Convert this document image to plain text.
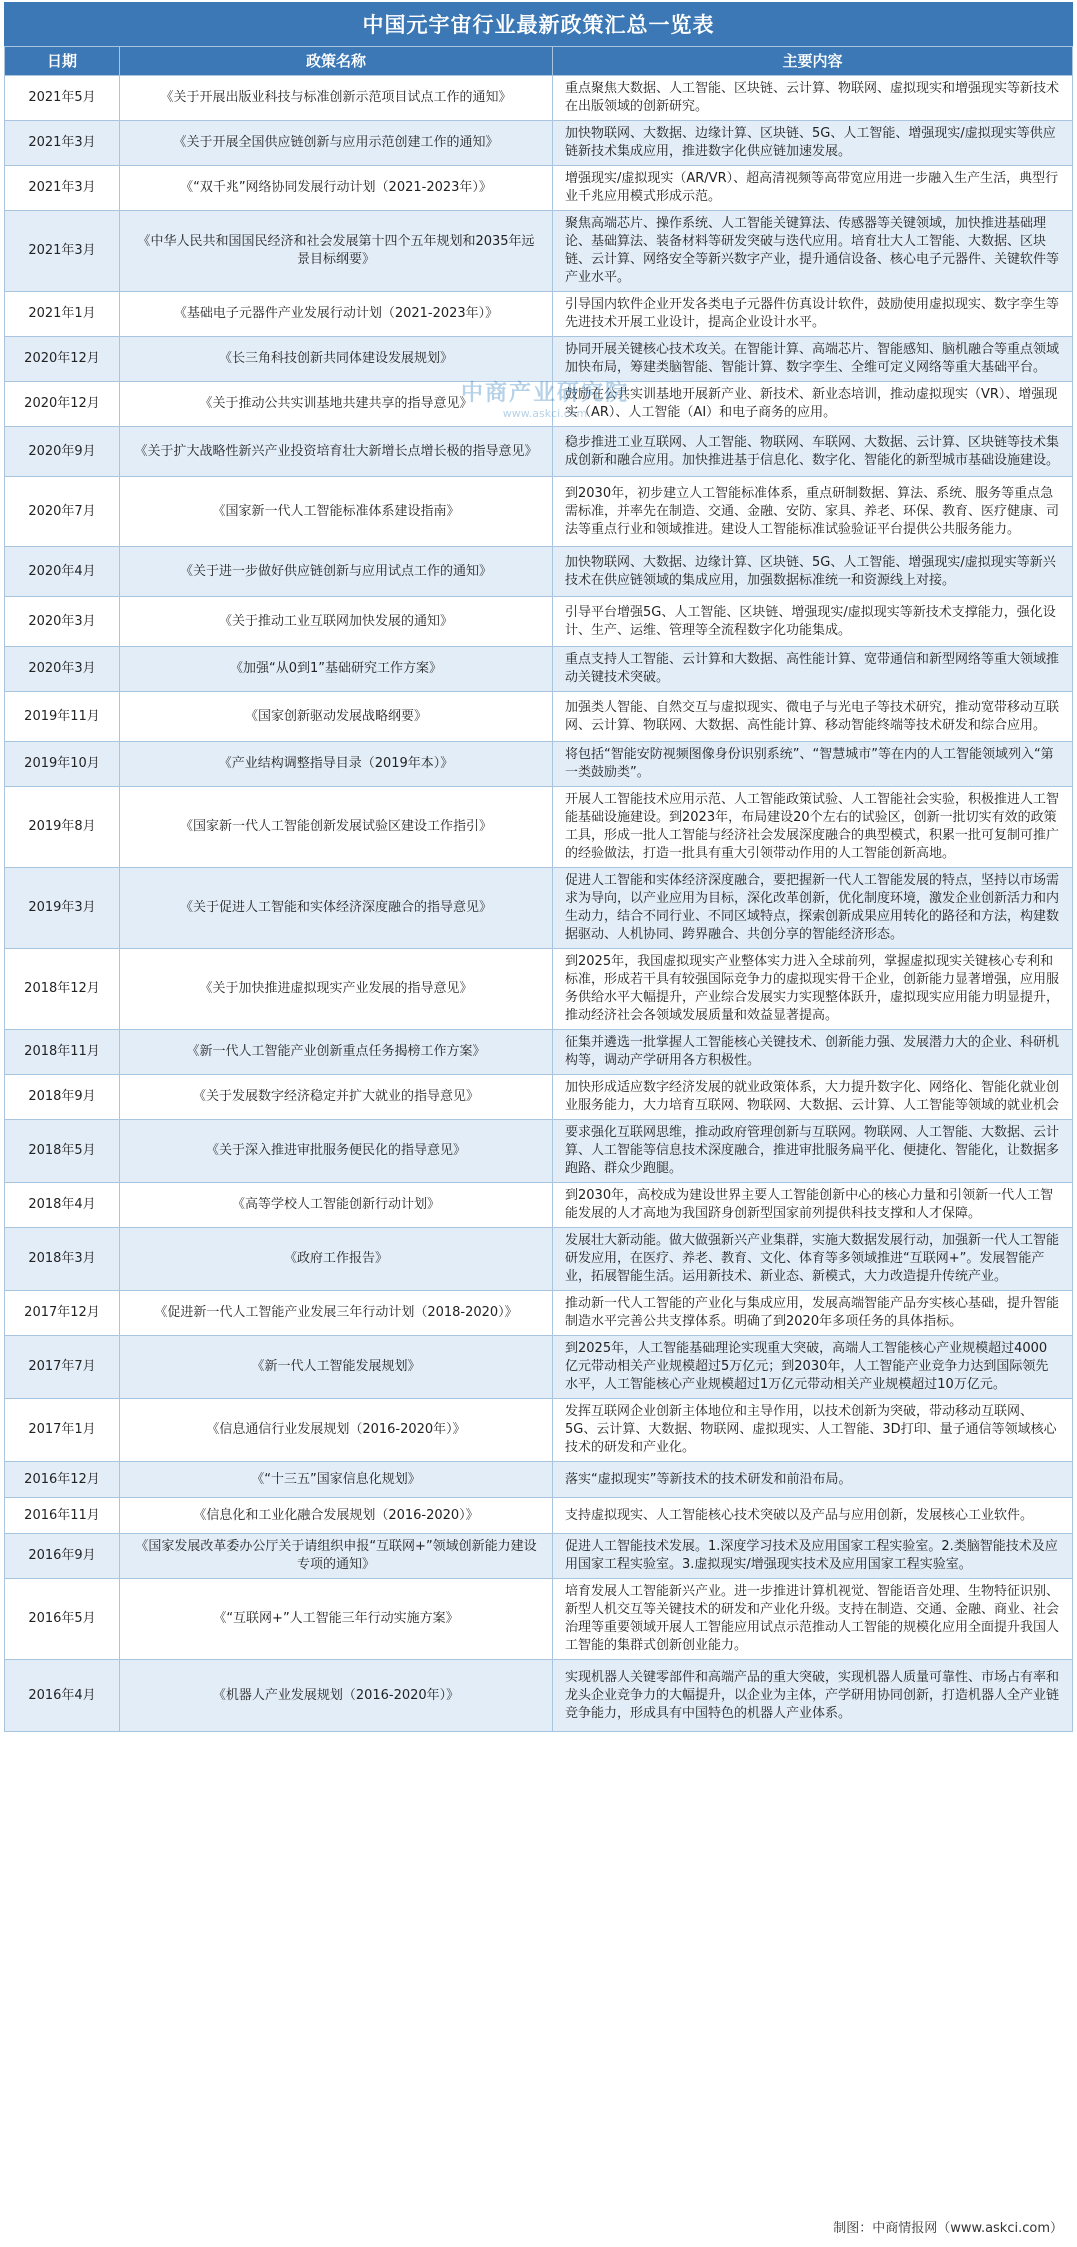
中国元宇宙行业最新政策汇总一览表
日期	政策名称	主要内容
2021年5月	《关于开展出版业科技与标准创新示范项目试点工作的通知》	重点聚焦大数据、人工智能、区块链、云计算、物联网、虚拟现实和增强现实等新技术在出版领域的创新研究。
2021年3月	《关于开展全国供应链创新与应用示范创建工作的通知》	加快物联网、大数据、边缘计算、区块链、5G、人工智能、增强现实/虚拟现实等供应链新技术集成应用，推进数字化供应链加速发展。
2021年3月	《“双千兆”网络协同发展行动计划（2021-2023年）》	增强现实/虚拟现实（AR/VR）、超高清视频等高带宽应用进一步融入生产生活，典型行业千兆应用模式形成示范。
2021年3月	《中华人民共和国国民经济和社会发展第十四个五年规划和2035年远景目标纲要》	聚焦高端芯片、操作系统、人工智能关键算法、传感器等关键领域，加快推进基础理论、基础算法、装备材料等研发突破与迭代应用。培育壮大人工智能、大数据、区块链、云计算、网络安全等新兴数字产业，提升通信设备、核心电子元器件、关键软件等产业水平。
2021年1月	《基础电子元器件产业发展行动计划（2021-2023年）》	引导国内软件企业开发各类电子元器件仿真设计软件，鼓励使用虚拟现实、数字孪生等先进技术开展工业设计，提高企业设计水平。
2020年12月	《长三角科技创新共同体建设发展规划》	协同开展关键核心技术攻关。在智能计算、高端芯片、智能感知、脑机融合等重点领域加快布局，筹建类脑智能、智能计算、数字孪生、全维可定义网络等重大基础平台。
2020年12月	《关于推动公共实训基地共建共享的指导意见》	鼓励在公共实训基地开展新产业、新技术、新业态培训，推动虚拟现实（VR）、增强现实（AR）、人工智能（AI）和电子商务的应用。
2020年9月	《关于扩大战略性新兴产业投资培育壮大新增长点增长极的指导意见》	稳步推进工业互联网、人工智能、物联网、车联网、大数据、云计算、区块链等技术集成创新和融合应用。加快推进基于信息化、数字化、智能化的新型城市基础设施建设。
2020年7月	《国家新一代人工智能标准体系建设指南》	到2030年，初步建立人工智能标准体系，重点研制数据、算法、系统、服务等重点急需标准，并率先在制造、交通、金融、安防、家具、养老、环保、教育、医疗健康、司法等重点行业和领域推进。建设人工智能标准试验验证平台提供公共服务能力。
2020年4月	《关于进一步做好供应链创新与应用试点工作的通知》	加快物联网、大数据、边缘计算、区块链、5G、人工智能、增强现实/虚拟现实等新兴技术在供应链领域的集成应用，加强数据标准统一和资源线上对接。
2020年3月	《关于推动工业互联网加快发展的通知》	引导平台增强5G、人工智能、区块链、增强现实/虚拟现实等新技术支撑能力，强化设计、生产、运维、管理等全流程数字化功能集成。
2020年3月	《加强“从0到1”基础研究工作方案》	重点支持人工智能、云计算和大数据、高性能计算、宽带通信和新型网络等重大领域推动关键技术突破。
2019年11月	《国家创新驱动发展战略纲要》	加强类人智能、自然交互与虚拟现实、微电子与光电子等技术研究，推动宽带移动互联网、云计算、物联网、大数据、高性能计算、移动智能终端等技术研发和综合应用。
2019年10月	《产业结构调整指导目录（2019年本）》	将包括“智能安防视频图像身份识别系统”、“智慧城市”等在内的人工智能领域列入“第一类鼓励类”。
2019年8月	《国家新一代人工智能创新发展试验区建设工作指引》	开展人工智能技术应用示范、人工智能政策试验、人工智能社会实验，积极推进人工智能基础设施建设。到2023年，布局建设20个左右的试验区，创新一批切实有效的政策工具，形成一批人工智能与经济社会发展深度融合的典型模式，积累一批可复制可推广的经验做法，打造一批具有重大引领带动作用的人工智能创新高地。
2019年3月	《关于促进人工智能和实体经济深度融合的指导意见》	促进人工智能和实体经济深度融合，要把握新一代人工智能发展的特点，坚持以市场需求为导向，以产业应用为目标，深化改革创新，优化制度环境，激发企业创新活力和内生动力，结合不同行业、不同区域特点，探索创新成果应用转化的路径和方法，构建数据驱动、人机协同、跨界融合、共创分享的智能经济形态。
2018年12月	《关于加快推进虚拟现实产业发展的指导意见》	到2025年，我国虚拟现实产业整体实力进入全球前列，掌握虚拟现实关键核心专利和标准，形成若干具有较强国际竞争力的虚拟现实骨干企业，创新能力显著增强，应用服务供给水平大幅提升，产业综合发展实力实现整体跃升，虚拟现实应用能力明显提升，推动经济社会各领域发展质量和效益显著提高。
2018年11月	《新一代人工智能产业创新重点任务揭榜工作方案》	征集并遴选一批掌握人工智能核心关键技术、创新能力强、发展潜力大的企业、科研机构等，调动产学研用各方积极性。
2018年9月	《关于发展数字经济稳定并扩大就业的指导意见》	加快形成适应数字经济发展的就业政策体系，大力提升数字化、网络化、智能化就业创业服务能力，大力培育互联网、物联网、大数据、云计算、人工智能等领域的就业机会
2018年5月	《关于深入推进审批服务便民化的指导意见》	要求强化互联网思维，推动政府管理创新与互联网。物联网、人工智能、大数据、云计算、人工智能等信息技术深度融合，推进审批服务扁平化、便捷化、智能化，让数据多跑路、群众少跑腿。
2018年4月	《高等学校人工智能创新行动计划》	到2030年，高校成为建设世界主要人工智能创新中心的核心力量和引领新一代人工智能发展的人才高地为我国跻身创新型国家前列提供科技支撑和人才保障。
2018年3月	《政府工作报告》	发展壮大新动能。做大做强新兴产业集群，实施大数据发展行动，加强新一代人工智能研发应用，在医疗、养老、教育、文化、体育等多领域推进“互联网+”。发展智能产业，拓展智能生活。运用新技术、新业态、新模式，大力改造提升传统产业。
2017年12月	《促进新一代人工智能产业发展三年行动计划（2018-2020）》	推动新一代人工智能的产业化与集成应用，发展高端智能产品夯实核心基础，提升智能制造水平完善公共支撑体系。明确了到2020年多项任务的具体指标。
2017年7月	《新一代人工智能发展规划》	到2025年，人工智能基础理论实现重大突破，高端人工智能核心产业规模超过4000亿元带动相关产业规模超过5万亿元；到2030年，人工智能产业竞争力达到国际领先水平，人工智能核心产业规模超过1万亿元带动相关产业规模超过10万亿元。
2017年1月	《信息通信行业发展规划（2016-2020年）》	发挥互联网企业创新主体地位和主导作用，以技术创新为突破，带动移动互联网、5G、云计算、大数据、物联网、虚拟现实、人工智能、3D打印、量子通信等领域核心技术的研发和产业化。
2016年12月	《“十三五”国家信息化规划》	落实“虚拟现实”等新技术的技术研发和前沿布局。
2016年11月	《信息化和工业化融合发展规划（2016-2020）》	支持虚拟现实、人工智能核心技术突破以及产品与应用创新，发展核心工业软件。
2016年9月	《国家发展改革委办公厅关于请组织申报“互联网+”领域创新能力建设专项的通知》	促进人工智能技术发展。1.深度学习技术及应用国家工程实验室。2.类脑智能技术及应用国家工程实验室。3.虚拟现实/增强现实技术及应用国家工程实验室。
2016年5月	《“互联网+”人工智能三年行动实施方案》	培育发展人工智能新兴产业。进一步推进计算机视觉、智能语音处理、生物特征识别、新型人机交互等关键技术的研发和产业化升级。支持在制造、交通、金融、商业、社会治理等重要领域开展人工智能应用试点示范推动人工智能的规模化应用全面提升我国人工智能的集群式创新创业能力。
2016年4月	《机器人产业发展规划（2016-2020年）》	实现机器人关键零部件和高端产品的重大突破，实现机器人质量可靠性、市场占有率和龙头企业竞争力的大幅提升，以企业为主体，产学研用协同创新，打造机器人全产业链竞争能力，形成具有中国特色的机器人产业体系。
中商产业研究院
www.askci.com
制图：中商情报网（www.askci.com）
